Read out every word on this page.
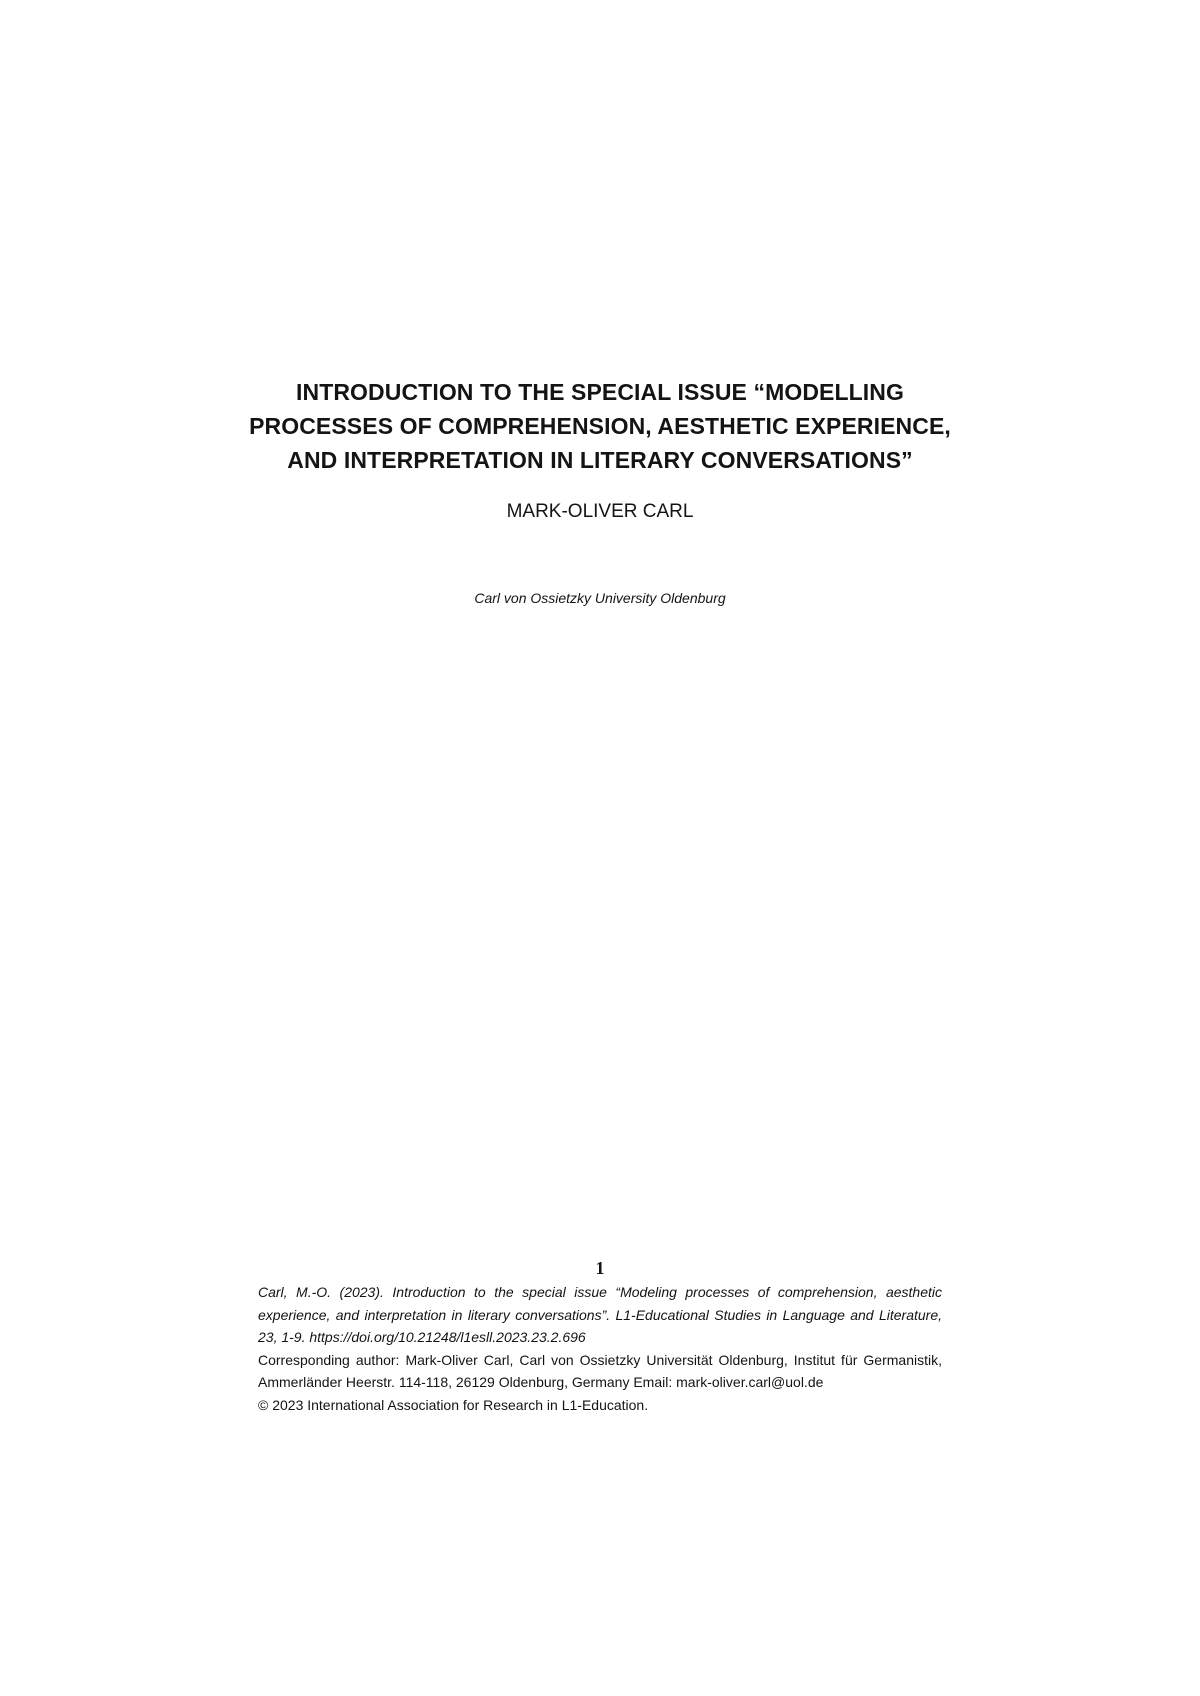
INTRODUCTION TO THE SPECIAL ISSUE “MODELLING
PROCESSES OF COMPREHENSION, AESTHETIC EXPERIENCE,
AND INTERPRETATION IN LITERARY CONVERSATIONS”
MARK-OLIVER CARL
Carl von Ossietzky University Oldenburg
1

Carl, M.-O. (2023). Introduction to the special issue “Modeling processes of comprehension, aesthetic experience, and interpretation in literary conversations”. L1-Educational Studies in Language and Literature, 23, 1-9. https://doi.org/10.21248/l1esll.2023.23.2.696

Corresponding author: Mark-Oliver Carl, Carl von Ossietzky Universität Oldenburg, Institut für Germanistik, Ammerländer Heerstr. 114-118, 26129 Oldenburg, Germany Email: mark-oliver.carl@uol.de

© 2023 International Association for Research in L1-Education.
